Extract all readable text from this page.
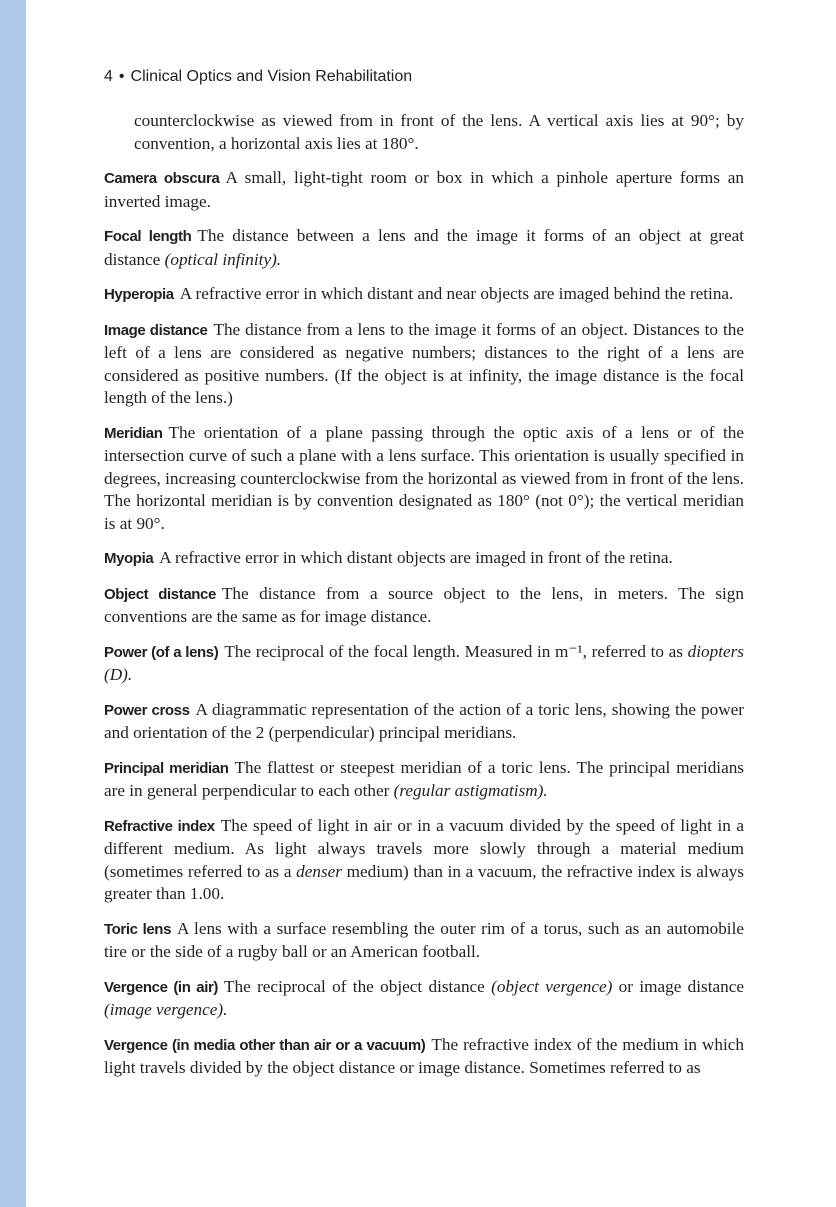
4 • Clinical Optics and Vision Rehabilitation

counterclockwise as viewed from in front of the lens. A vertical axis lies at 90°; by convention, a horizontal axis lies at 180°.

Camera obscura A small, light-tight room or box in which a pinhole aperture forms an inverted image.

Focal length The distance between a lens and the image it forms of an object at great distance (optical infinity).

Hyperopia A refractive error in which distant and near objects are imaged behind the retina.

Image distance The distance from a lens to the image it forms of an object. Distances to the left of a lens are considered as negative numbers; distances to the right of a lens are considered as positive numbers. (If the object is at infinity, the image distance is the focal length of the lens.)

Meridian The orientation of a plane passing through the optic axis of a lens or of the intersection curve of such a plane with a lens surface. This orientation is usually specified in degrees, increasing counterclockwise from the horizontal as viewed from in front of the lens. The horizontal meridian is by convention designated as 180° (not 0°); the vertical meridian is at 90°.

Myopia A refractive error in which distant objects are imaged in front of the retina.

Object distance The distance from a source object to the lens, in meters. The sign conventions are the same as for image distance.

Power (of a lens) The reciprocal of the focal length. Measured in m⁻¹, referred to as diopters (D).

Power cross A diagrammatic representation of the action of a toric lens, showing the power and orientation of the 2 (perpendicular) principal meridians.

Principal meridian The flattest or steepest meridian of a toric lens. The principal meridians are in general perpendicular to each other (regular astigmatism).

Refractive index The speed of light in air or in a vacuum divided by the speed of light in a different medium. As light always travels more slowly through a material medium (sometimes referred to as a denser medium) than in a vacuum, the refractive index is always greater than 1.00.

Toric lens A lens with a surface resembling the outer rim of a torus, such as an automobile tire or the side of a rugby ball or an American football.

Vergence (in air) The reciprocal of the object distance (object vergence) or image distance (image vergence).

Vergence (in media other than air or a vacuum) The refractive index of the medium in which light travels divided by the object distance or image distance. Sometimes referred to as
